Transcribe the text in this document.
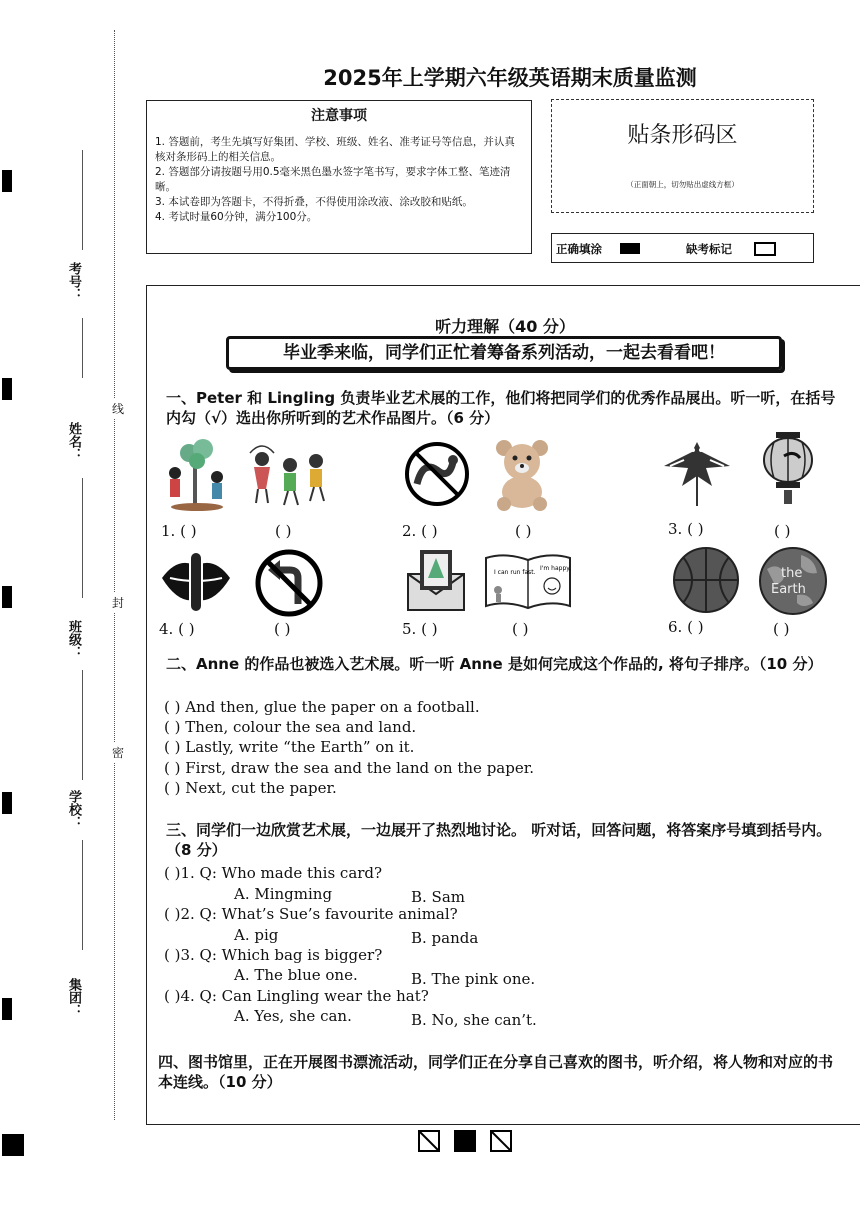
考号：
姓名：
班级：
学校：
集团：
线
封
密
2025年上学期六年级英语期末质量监测
注意事项
1. 答题前，考生先填写好集团、学校、班级、姓名、准考证号等信息，并认真核对条形码上的相关信息。
2. 答题部分请按题号用0.5毫米黑色墨水签字笔书写，要求字体工整、笔迹清晰。
3. 本试卷即为答题卡，不得折叠，不得使用涂改液、涂改胶和贴纸。
4. 考试时量60分钟，满分100分。
贴条形码区
（正面朝上，切勿贴出虚线方框）
正确填涂	缺考标记
听力理解（40 分）
毕业季来临，同学们正忙着筹备系列活动，一起去看看吧！
一、Peter 和 Lingling 负责毕业艺术展的工作，他们将把同学们的优秀作品展出。听一听，在括号内勾（√）选出你所听到的艺术作品图片。（6 分）
1. ( )	( )	2. ( )	( )	3. ( )	( )
I can run fast.
I'm happy.	the
Earth
4. ( )	( )	5. ( )	( )	6. ( )	( )
二、Anne 的作品也被选入艺术展。听一听 Anne 是如何完成这个作品的, 将句子排序。（10 分）
( ) And then, glue the paper on a football.
( ) Then, colour the sea and land.
( ) Lastly, write “the Earth” on it.
( ) First, draw the sea and the land on the paper.
( ) Next, cut the paper.
三、同学们一边欣赏艺术展，一边展开了热烈地讨论。 听对话，回答问题，将答案序号填到括号内。（8 分）
( )1. Q: Who made this card?
A. Mingming	B. Sam
( )2. Q: What’s Sue’s favourite animal?
A. pig	B. panda
( )3. Q: Which bag is bigger?
A. The blue one.	B. The pink one.
( )4. Q: Can Lingling wear the hat?
A. Yes, she can.	B. No, she can’t.
四、图书馆里，正在开展图书漂流活动，同学们正在分享自己喜欢的图书，听介绍，将人物和对应的书本连线。（10 分）
